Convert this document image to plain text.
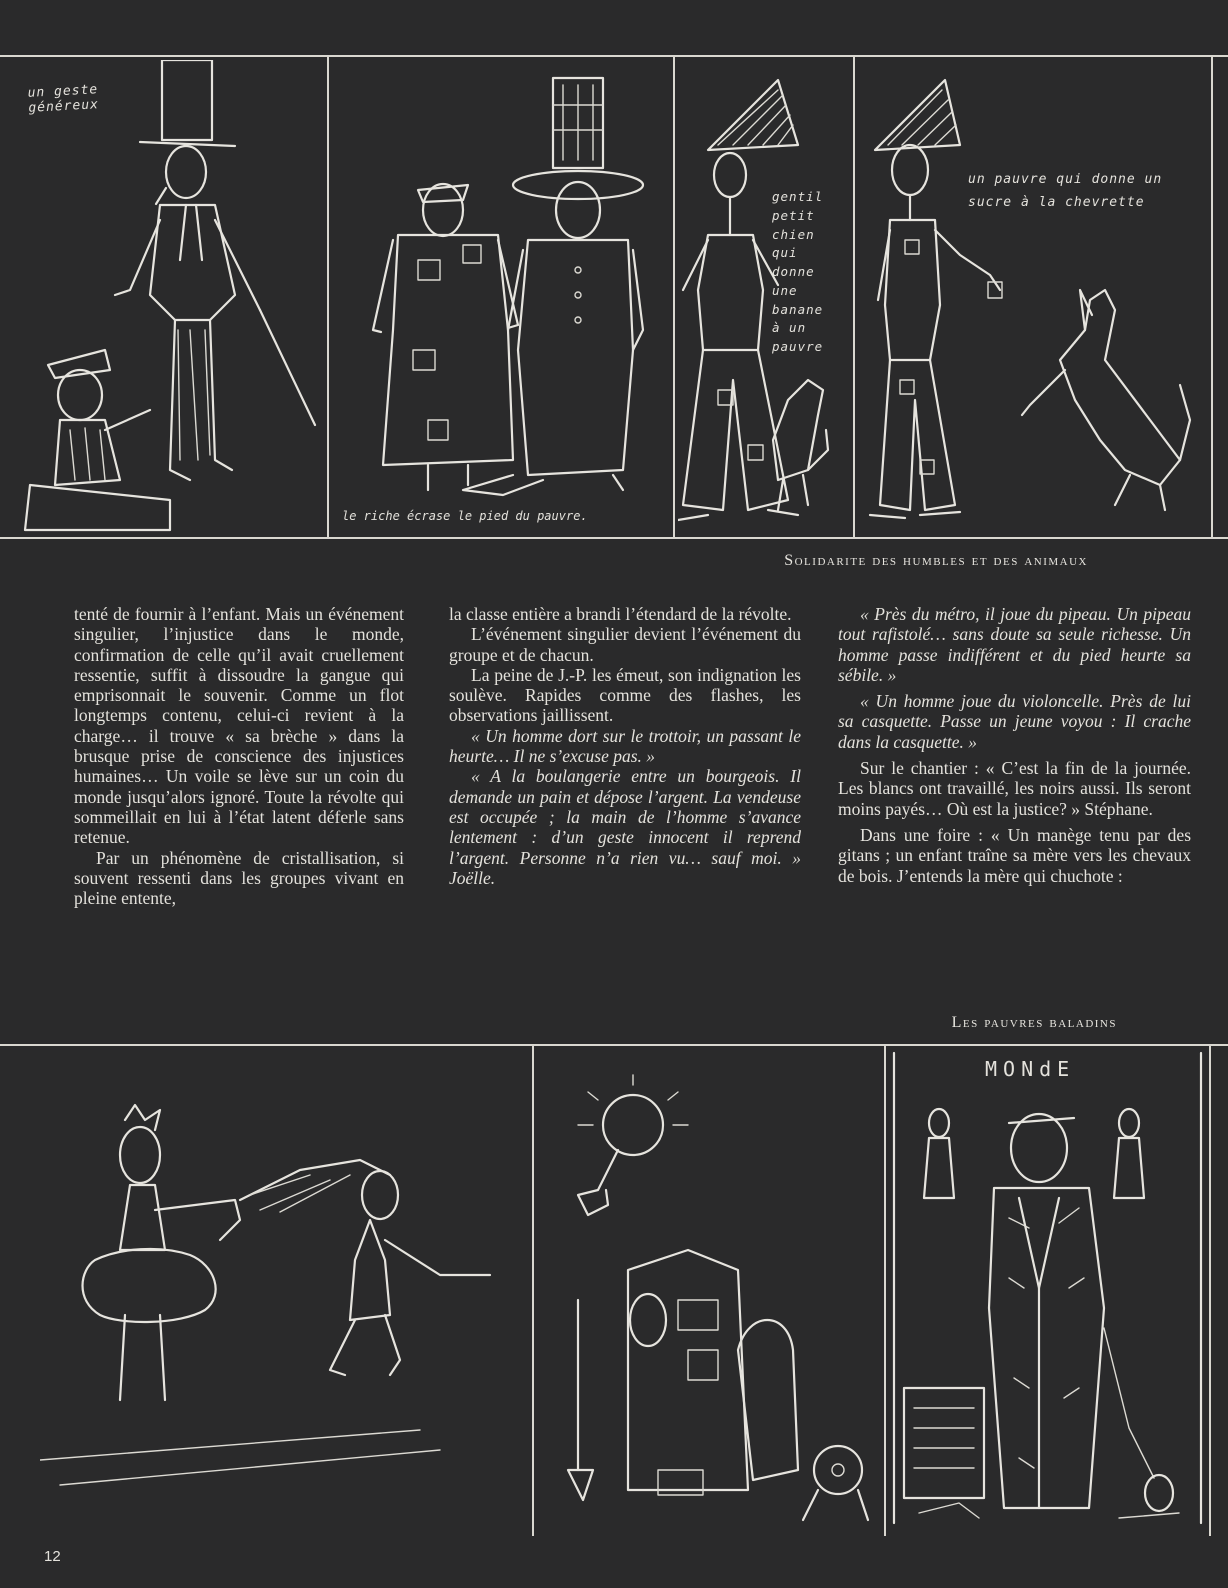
un geste généreux
le riche écrase le pied du pauvre.
gentil petit chien qui donne une banane à un pauvre
un pauvre qui donne un sucre à la chevrette
Solidarite des humbles et des animaux

tenté de fournir à l’enfant. Mais un événement singulier, l’injustice dans le monde, confirmation de celle qu’il avait cruellement ressentie, suffit à dissoudre la gangue qui emprisonnait le souvenir. Comme un flot longtemps contenu, celui-ci revient à la charge… il trouve « sa brèche » dans la brusque prise de conscience des injustices humaines… Un voile se lève sur un coin du monde jusqu’alors ignoré. Toute la révolte qui sommeillait en lui à l’état latent déferle sans retenue.

Par un phénomène de cristallisation, si souvent ressenti dans les groupes vivant en pleine entente,

la classe entière a brandi l’étendard de la révolte.

L’événement singulier devient l’événement du groupe et de chacun.

La peine de J.-P. les émeut, son indignation les soulève. Rapides comme des flashes, les observations jaillissent.

« Un homme dort sur le trottoir, un passant le heurte… Il ne s’excuse pas. »

« A la boulangerie entre un bourgeois. Il demande un pain et dépose l’argent. La vendeuse est occupée ; la main de l’homme s’avance lentement : d’un geste innocent il reprend l’argent. Personne n’a rien vu… sauf moi. » Joëlle.

« Près du métro, il joue du pipeau. Un pipeau tout rafistolé… sans doute sa seule richesse. Un homme passe indifférent et du pied heurte sa sébile. »

« Un homme joue du violoncelle. Près de lui sa casquette. Passe un jeune voyou : Il crache dans la casquette. »

Sur le chantier : « C’est la fin de la journée. Les blancs ont travaillé, les noirs aussi. Ils seront moins payés… Où est la justice? » Stéphane.

Dans une foire : « Un manège tenu par des gitans ; un enfant traîne sa mère vers les chevaux de bois. J’entends la mère qui chuchote :

Les pauvres baladins
MONdE
12
